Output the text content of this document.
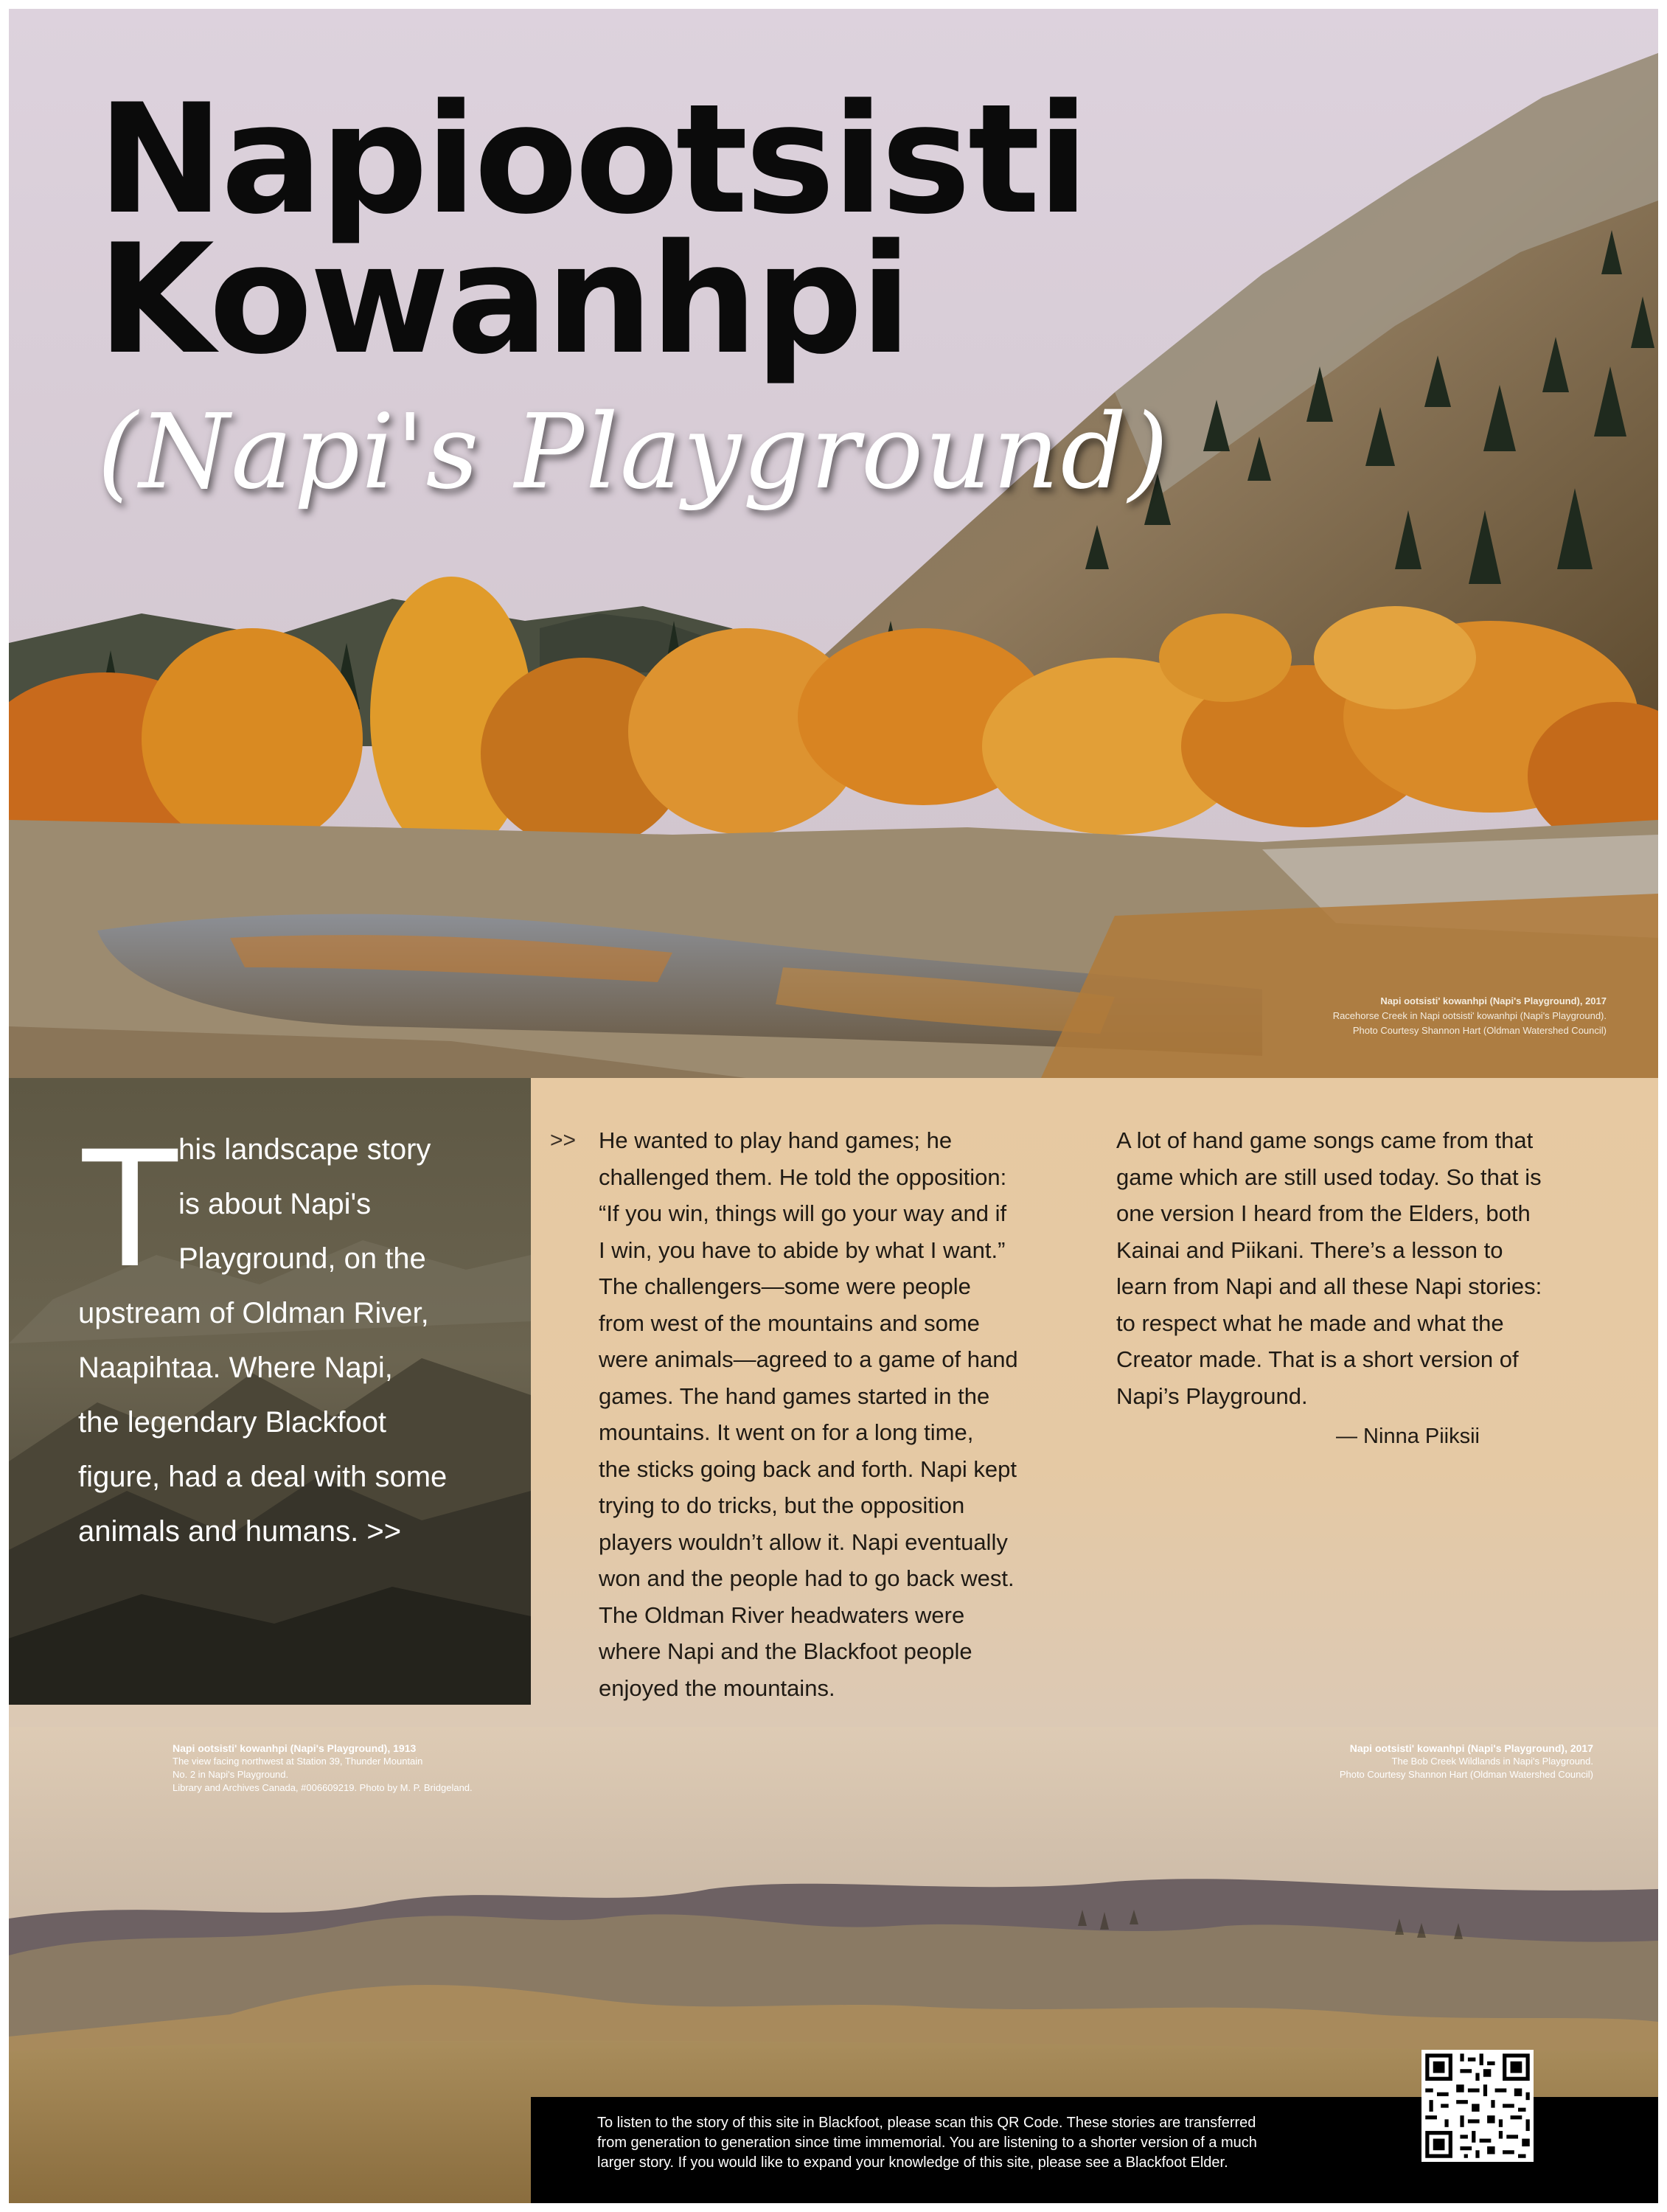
Napiootsisti
Kowanhpi
(Napi's Playground)
Napi ootsisti' kowanhpi (Napi's Playground), 2017
Racehorse Creek in Napi ootsisti' kowanhpi (Napi's Playground).
Photo Courtesy Shannon Hart (Oldman Watershed Council)
T
his landscape story
is about Napi's
Playground, on the
upstream of Oldman River,
Naapihtaa. Where Napi,
the legendary Blackfoot
figure, had a deal with some
animals and humans. >>
>> He wanted to play hand games; he
challenged them. He told the opposition:
“If you win, things will go your way and if
I win, you have to abide by what I want.”
The challengers—some were people
from west of the mountains and some
were animals—agreed to a game of hand
games. The hand games started in the
mountains. It went on for a long time,
the sticks going back and forth. Napi kept
trying to do tricks, but the opposition
players wouldn’t allow it. Napi eventually
won and the people had to go back west.
The Oldman River headwaters were
where Napi and the Blackfoot people
enjoyed the mountains.
A lot of hand game songs came from that
game which are still used today. So that is
one version I heard from the Elders, both
Kainai and Piikani. There’s a lesson to
learn from Napi and all these Napi stories:
to respect what he made and what the
Creator made. That is a short version of
Napi’s Playground.
— Ninna Piiksii
Napi ootsisti' kowanhpi (Napi's Playground), 1913
The view facing northwest at Station 39, Thunder Mountain
No. 2 in Napi's Playground.
Library and Archives Canada, #006609219. Photo by M. P. Bridgeland.
Napi ootsisti' kowanhpi (Napi's Playground), 2017
The Bob Creek Wildlands in Napi's Playground.
Photo Courtesy Shannon Hart (Oldman Watershed Council)
To listen to the story of this site in Blackfoot, please scan this QR Code. These stories are transferred
from generation to generation since time immemorial. You are listening to a shorter version of a much
larger story. If you would like to expand your knowledge of this site, please see a Blackfoot Elder.
